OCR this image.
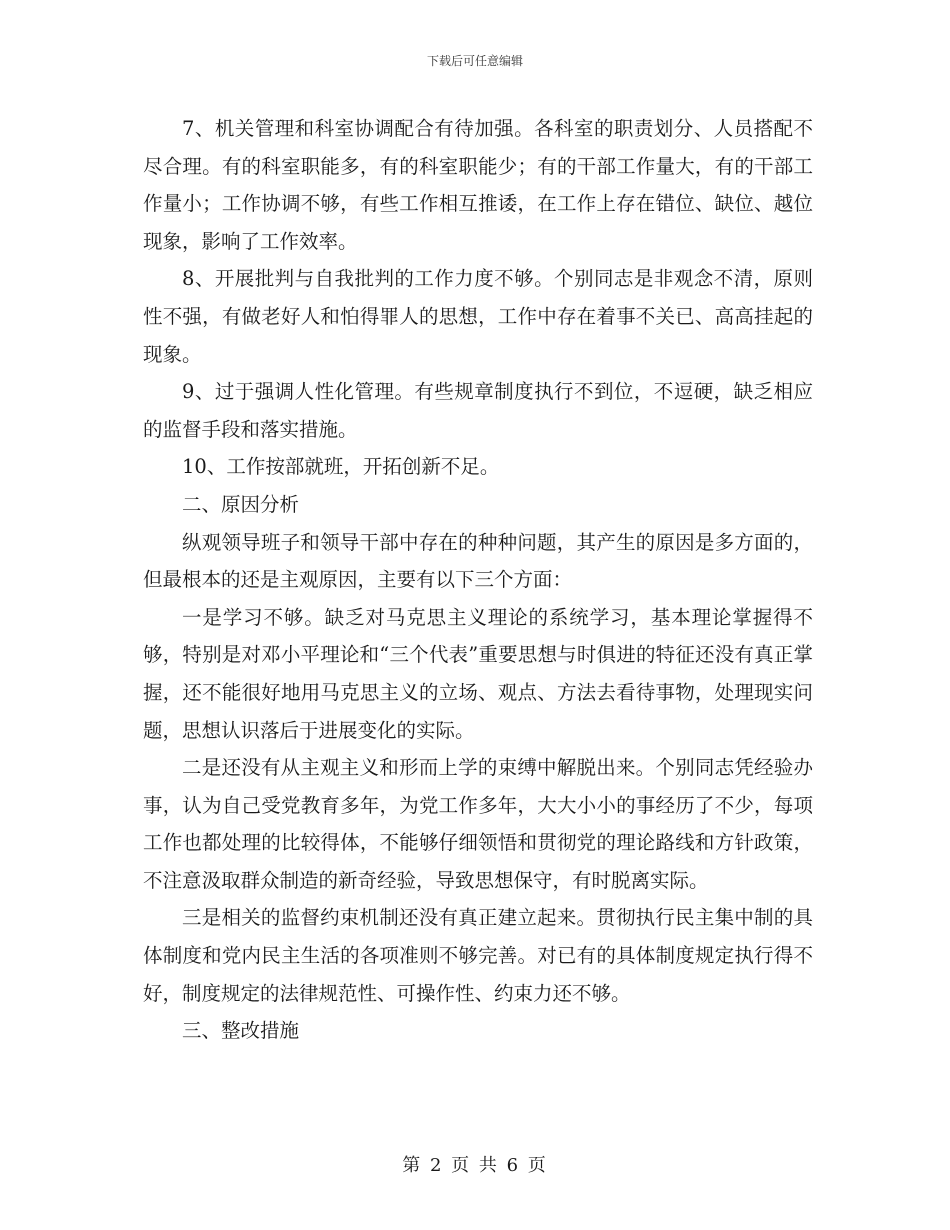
下载后可任意编辑

7、机关管理和科室协调配合有待加强。各科室的职责划分、人员搭配不尽合理。有的科室职能多，有的科室职能少；有的干部工作量大，有的干部工作量小；工作协调不够，有些工作相互推诿，在工作上存在错位、缺位、越位现象，影响了工作效率。

8、开展批判与自我批判的工作力度不够。个别同志是非观念不清，原则性不强，有做老好人和怕得罪人的思想，工作中存在着事不关已、高高挂起的现象。

9、过于强调人性化管理。有些规章制度执行不到位，不逗硬，缺乏相应的监督手段和落实措施。

10、工作按部就班，开拓创新不足。

二、原因分析

纵观领导班子和领导干部中存在的种种问题，其产生的原因是多方面的，但最根本的还是主观原因，主要有以下三个方面：

一是学习不够。缺乏对马克思主义理论的系统学习，基本理论掌握得不够，特别是对邓小平理论和“三个代表”重要思想与时俱进的特征还没有真正掌握，还不能很好地用马克思主义的立场、观点、方法去看待事物，处理现实问题，思想认识落后于进展变化的实际。

二是还没有从主观主义和形而上学的束缚中解脱出来。个别同志凭经验办事，认为自己受党教育多年，为党工作多年，大大小小的事经历了不少，每项工作也都处理的比较得体，不能够仔细领悟和贯彻党的理论路线和方针政策，不注意汲取群众制造的新奇经验，导致思想保守，有时脱离实际。

三是相关的监督约束机制还没有真正建立起来。贯彻执行民主集中制的具体制度和党内民主生活的各项准则不够完善。对已有的具体制度规定执行得不好，制度规定的法律规范性、可操作性、约束力还不够。

三、整改措施

第 2 页 共 6 页
